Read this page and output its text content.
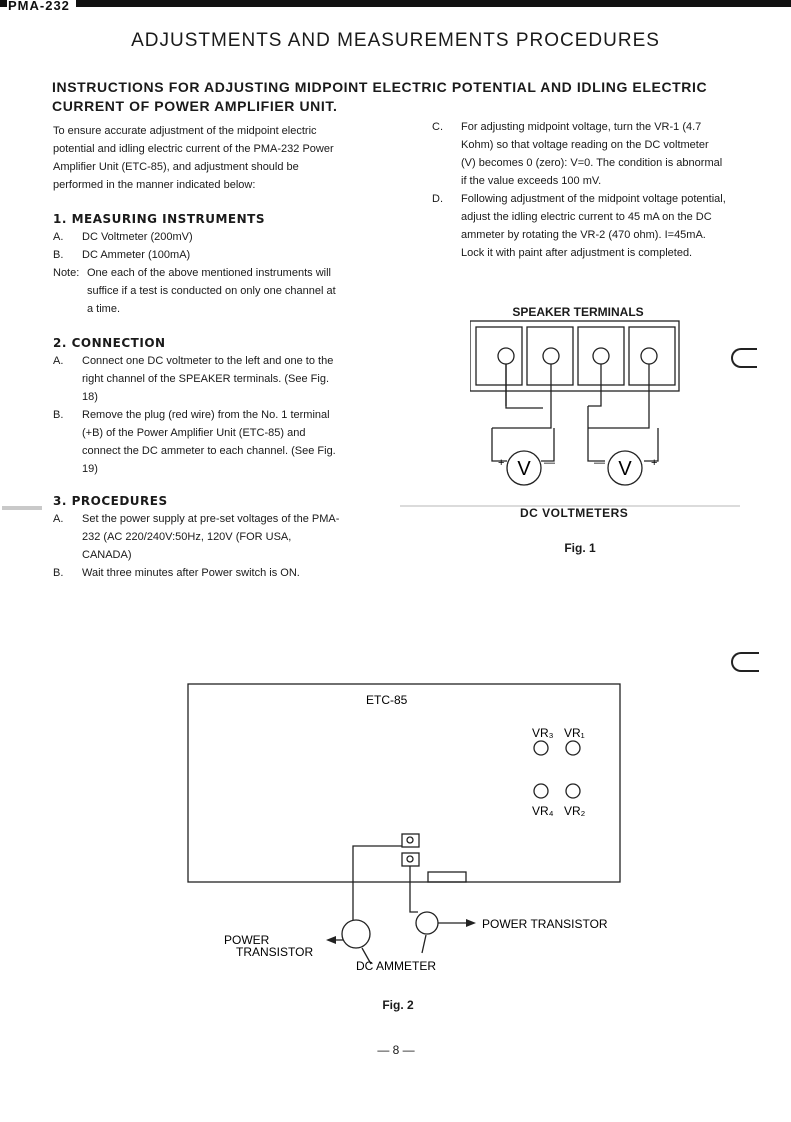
PMA-232
ADJUSTMENTS AND MEASUREMENTS PROCEDURES
INSTRUCTIONS FOR ADJUSTING MIDPOINT ELECTRIC POTENTIAL AND IDLING ELECTRIC CURRENT OF POWER AMPLIFIER UNIT.
To ensure accurate adjustment of the midpoint electric potential and idling electric current of the PMA-232 Power Amplifier Unit (ETC-85), and adjustment should be performed in the manner indicated below:
1. MEASURING INSTRUMENTS
A. DC Voltmeter (200mV)
B. DC Ammeter (100mA)
Note: One each of the above mentioned instruments will suffice if a test is conducted on only one channel at a time.
2. CONNECTION
A. Connect one DC voltmeter to the left and one to the right channel of the SPEAKER terminals. (See Fig. 18)
B. Remove the plug (red wire) from the No. 1 terminal (+B) of the Power Amplifier Unit (ETC-85) and connect the DC ammeter to each channel. (See Fig. 19)
3. PROCEDURES
A. Set the power supply at pre-set voltages of the PMA-232 (AC 220/240V:50Hz, 120V (FOR USA, CANADA)
B. Wait three minutes after Power switch is ON.
C. For adjusting midpoint voltage, turn the VR-1 (4.7 Kohm) so that voltage reading on the DC voltmeter (V) becomes 0 (zero): V=0. The condition is abnormal if the value exceeds 100 mV.
D. Following adjustment of the midpoint voltage potential, adjust the idling electric current to 45 mA on the DC ammeter by rotating the VR-2 (470 ohm). I=45mA.
Lock it with paint after adjustment is completed.
SPEAKER TERMINALS
V	V
+	—	—	+
DC VOLTMETERS
Fig. 1
ETC-85
VR₃ VR₁
VR₄ VR₂
POWER TRANSISTOR
POWER
TRANSISTOR
DC AMMETER
Fig. 2
— 8 —
